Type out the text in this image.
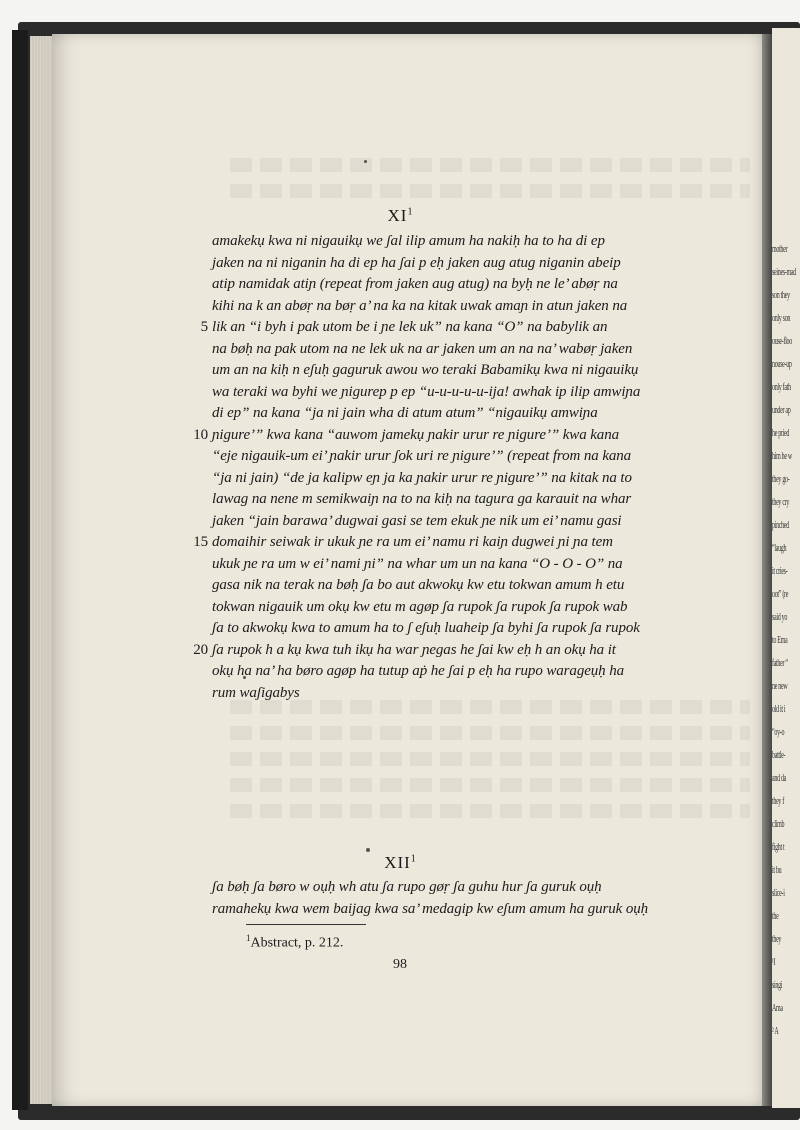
mother
seines-mad
son they
only son
ouse-floo
nouse-up
only fath
under ap
he pried
him he w
they go-
they cry
pinched
“laugh
it cries-
oot” (re
said yo
to Ema
father “
ne new
old it i
“oy-o
battle-
and da
they f
climb
fight t
it bu
slice-i
the
they
¹I
singi
Ama
² A
$XI^1$
amakekụ kwa ni nigauikụ we ʃal ilip amum ha nakiḥ ha to ha di ep
jaken na ni niganin ha di ep ha ʃai p eḥ jaken aug atug niganin abeip
atip namidak atiɲ (repeat from jaken aug atug) na byḥ ne le’ abøṛ na
kihi na k an abøṛ na bøṛ a’ na ka na kitak uwak amaɲ in atun jaken na
5 lik an “i byh i pak utom be i ɲe lek uk” na kana “O” na babylik an
na bøḥ na pak utom na ne lek uk na ar jaken um an na na’ wabøṛ jaken
um an na kiḥ n eʃuḥ gaguruk awou wo teraki Babamikụ kwa ni nigauikụ
wa teraki wa byhi we ɲigurep p ep “u-u-u-u-u-ija! awhak ip ilip amwiɲa
di ep” na kana “ja ni jain wha di atum atum” “nigauikụ amwiɲa
10 ɲigure’” kwa kana “auwom jamekụ ɲakir urur re ɲigure’” kwa kana
“eje nigauik-um ei’ ɲakir urur ʃok uri re ɲigure’” (repeat from na kana
“ja ni jain) “de ja kalipw eɲ ja ka ɲakir urur re ɲigure’” na kitak na to
lawag na nene m semikwaiɲ na to na kiḥ na tagura ga karauit na whar
jaken “jain barawa’ dugwai gasi se tem ekuk ɲe nik um ei’ namu gasi
15 domaihir seiwak ir ukuk ɲe ra um ei’ namu ri kaiɲ dugwei ɲi ɲa tem
ukuk ɲe ra um w ei’ nami ɲi” na whar um un na kana “O - O - O” na
gasa nik na terak na bøḥ ʃa bo aut akwokụ kw etu tokwan amum h etu
tokwan nigauik um okụ kw etu m agøp ʃa rupok ʃa rupok ʃa rupok wab
ʃa to akwokụ kwa to amum ha to ʃ eʃuḥ luaheip ʃa byhi ʃa rupok ʃa rupok
20 ʃa rupok h a kụ kwa tuh ikụ ha war ɲegas he ʃai kw eḥ h an okụ ha it
okụ ha na’ ha børo agøp ha tutup aṗ he ʃai p eḥ ha rupo warageụḥ ha
rum waʃigabys
XII$^1$
ʃa bøḥ ʃa børo w oụḥ wh atu ʃa rupo gøṛ ʃa guhu hur ʃa guruk oụḥ
ramahekụ kwa wem baijag kwa sa’ medagip kw eʃum amum ha guruk oụḥ
$^1$Abstract, p. 212.
98
